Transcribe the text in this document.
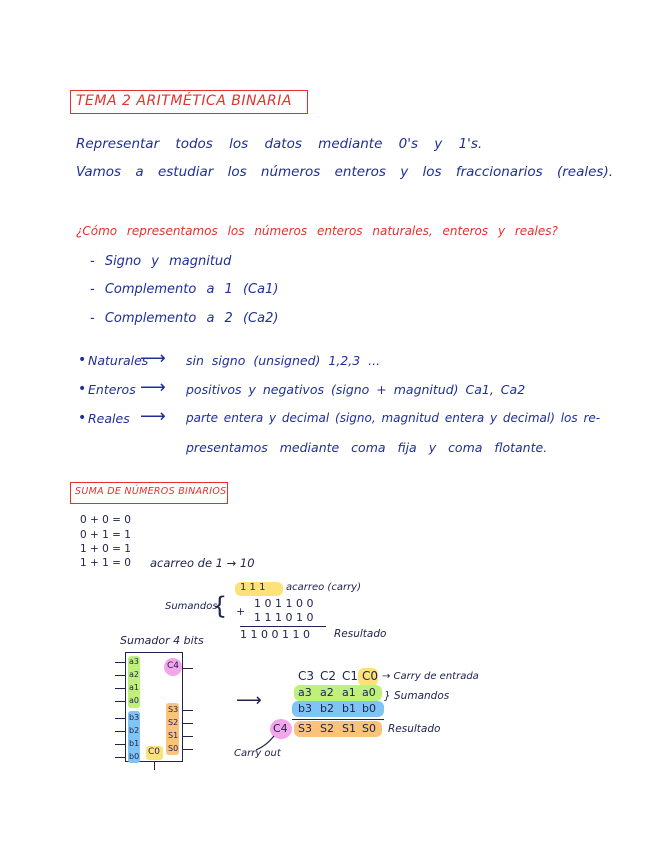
TEMA 2 ARITMÉTICA BINARIA
Representar todos los datos mediante 0's y 1's.
Vamos a estudiar los números enteros y los fraccionarios (reales).
¿Cómo representamos los números enteros naturales, enteros y reales?
- Signo y magnitud
- Complemento a 1 (Ca1)
- Complemento a 2 (Ca2)
• Naturales
⟶ sin signo (unsigned) 1,2,3 ...
• Enteros ⟶ positivos y negativos (signo + magnitud) Ca1, Ca2
• Reales ⟶ parte entera y decimal (signo, magnitud entera y decimal) los re-
presentamos mediante coma fija y coma flotante.
SUMA DE NÚMEROS BINARIOS
0 + 0 = 0
0 + 1 = 1
1 + 0 = 1
1 + 1 = 0 acarreo de 1 → 10
1 1 1 acarreo (carry)
Sumandos
{ +
1 0 1 1 0 0
1 1 1 0 1 0
1 1 0 0 1 1 0 Resultado
Sumador 4 bits
a3
a2
a1
a0
b3
b2
b1
b0
S3
S2
S1
S0
C4
C0
⟶
C3 C2 C1 C0 → Carry de entrada
a3 a2 a1 a0 } Sumandos
b3 b2 b1 b0
C4 S3 S2 S1 S0 Resultado
Carry out
